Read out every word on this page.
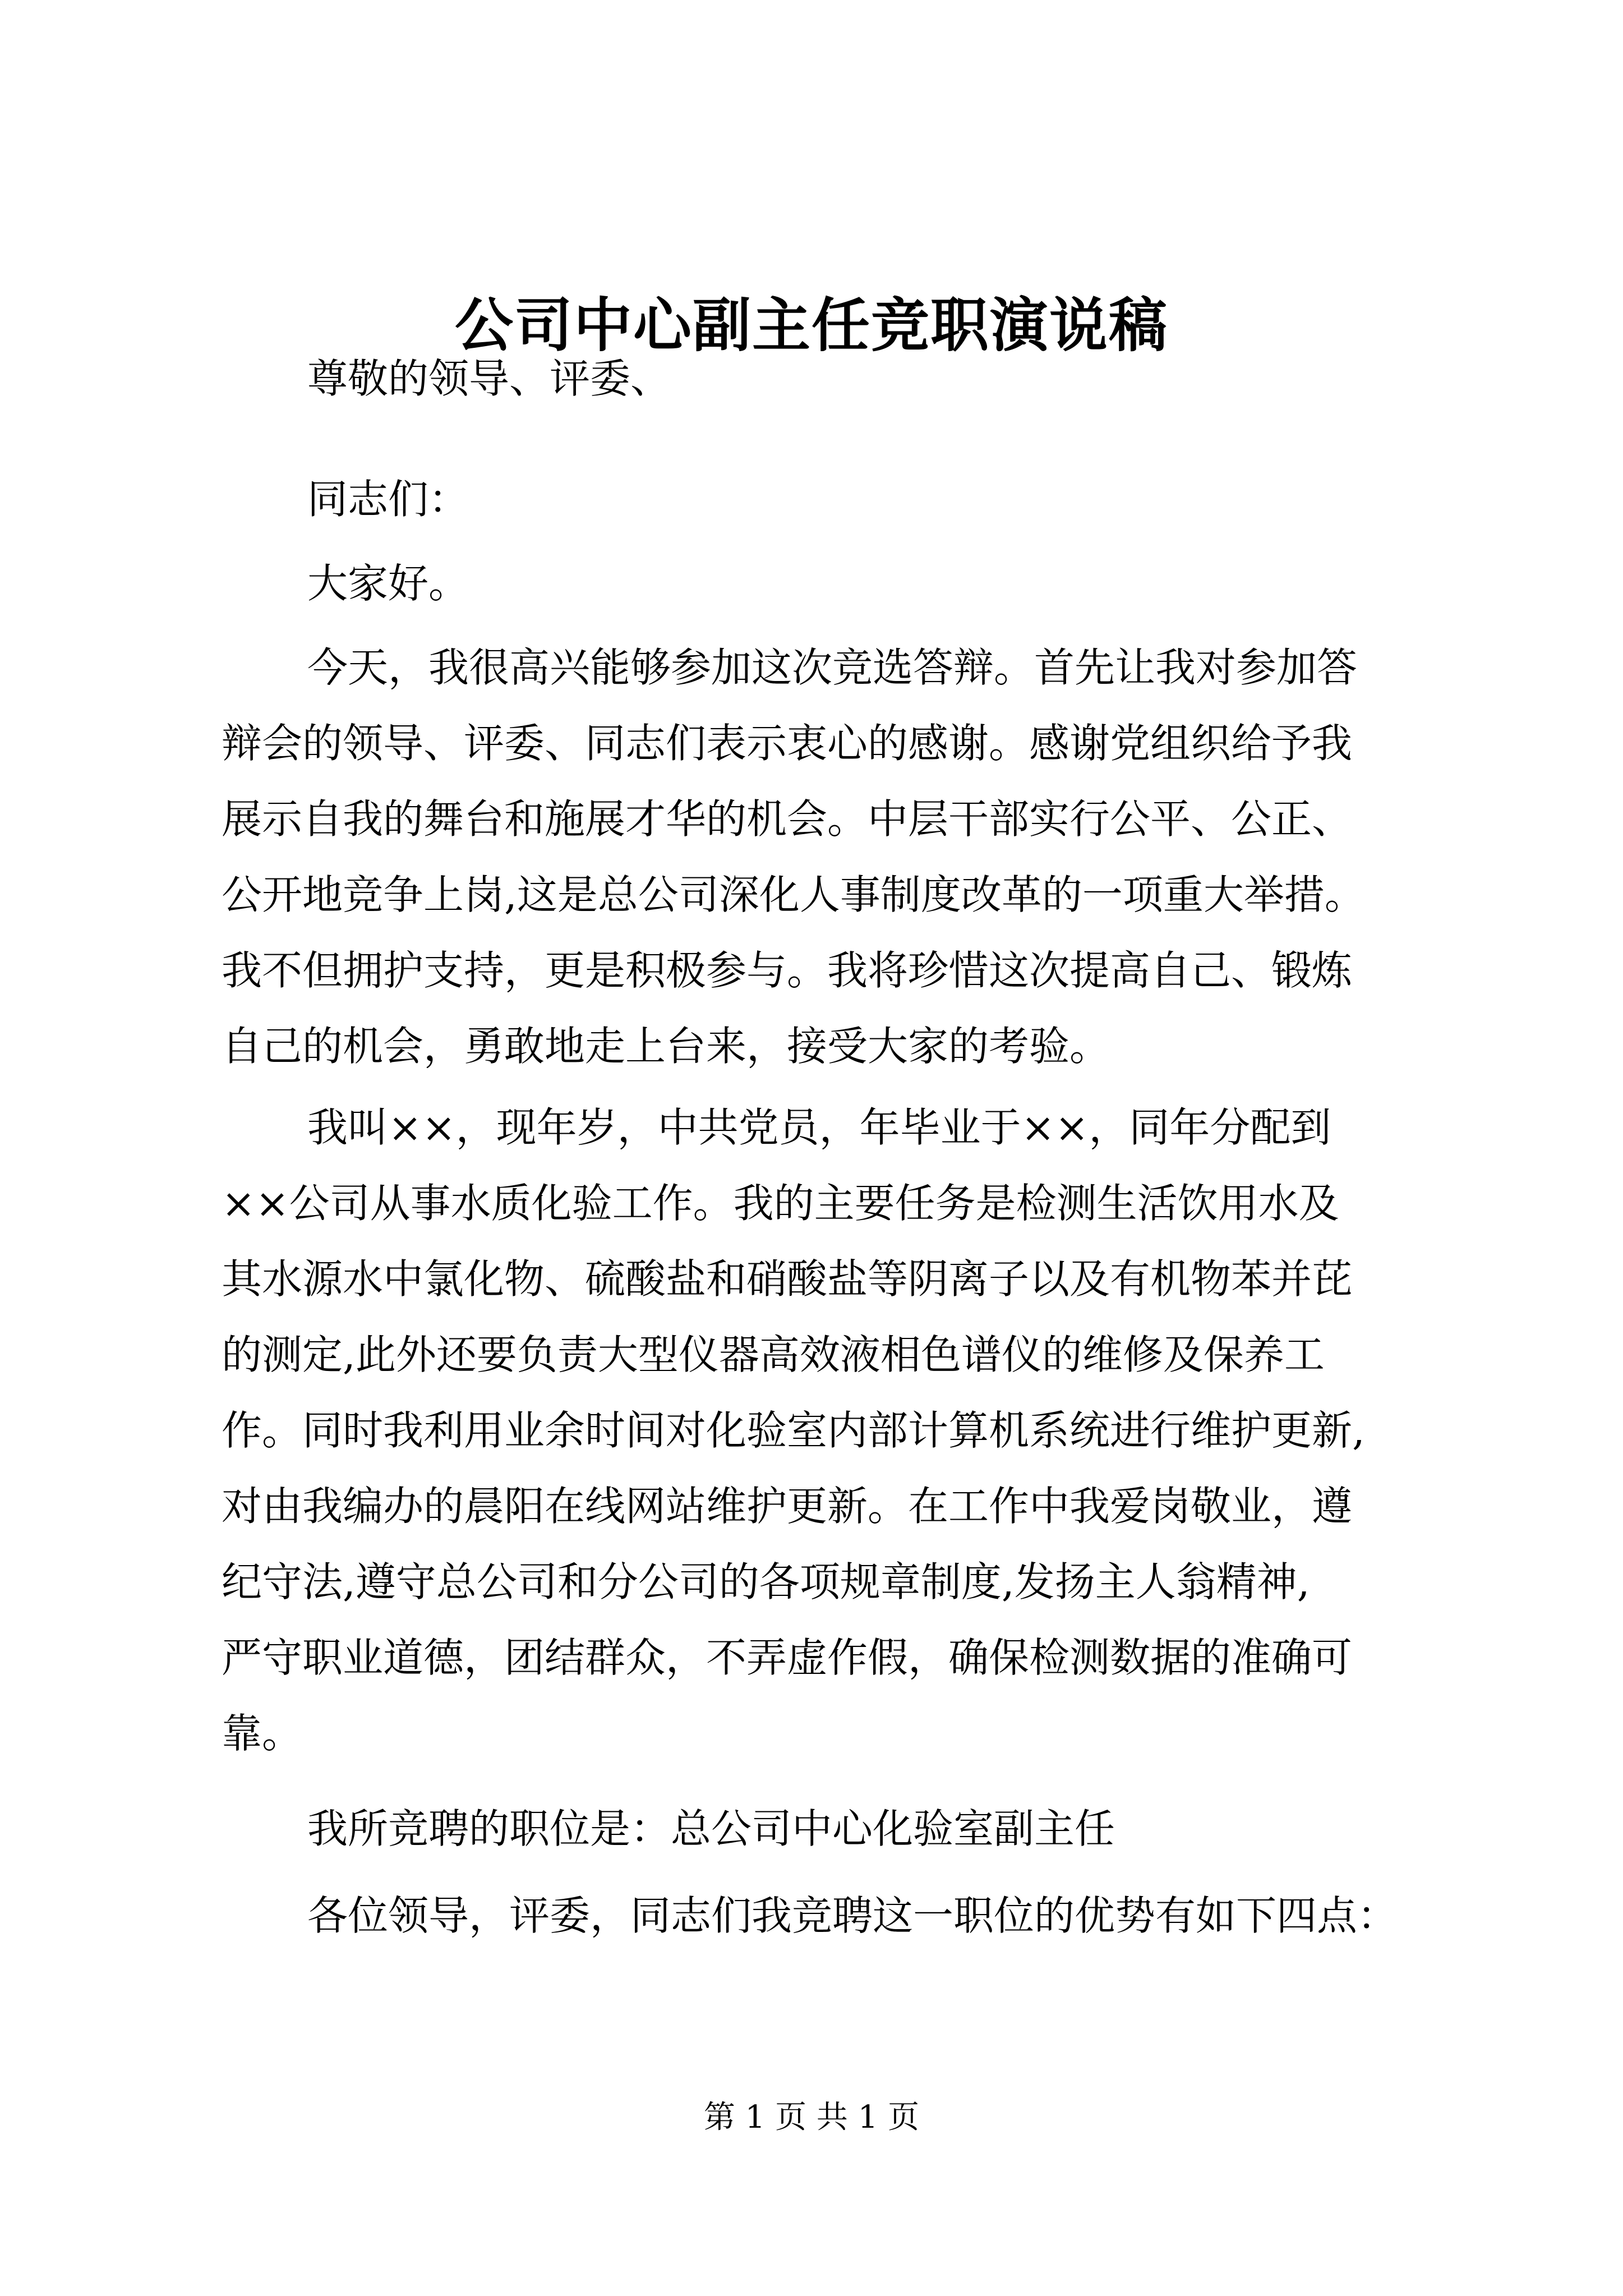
公司中心副主任竞职演说稿
尊敬的领导、评委、
同志们：
大家好。
今天，我很高兴能够参加这次竞选答辩。首先让我对参加答
辩会的领导、评委、同志们表示衷心的感谢。感谢党组织给予我
展示自我的舞台和施展才华的机会。中层干部实行公平、公正、
公开地竞争上岗,这是总公司深化人事制度改革的一项重大举措。
我不但拥护支持，更是积极参与。我将珍惜这次提高自己、锻炼
自己的机会，勇敢地走上台来，接受大家的考验。
我叫××，现年岁，中共党员，年毕业于××，同年分配到
××公司从事水质化验工作。我的主要任务是检测生活饮用水及
其水源水中氯化物、硫酸盐和硝酸盐等阴离子以及有机物苯并芘
的测定,此外还要负责大型仪器高效液相色谱仪的维修及保养工
作。同时我利用业余时间对化验室内部计算机系统进行维护更新,
对由我编办的晨阳在线网站维护更新。在工作中我爱岗敬业，遵
纪守法,遵守总公司和分公司的各项规章制度,发扬主人翁精神,
严守职业道德，团结群众，不弄虚作假，确保检测数据的准确可
靠。
我所竞聘的职位是：总公司中心化验室副主任
各位领导，评委，同志们我竞聘这一职位的优势有如下四点：
第 1 页 共 1 页
